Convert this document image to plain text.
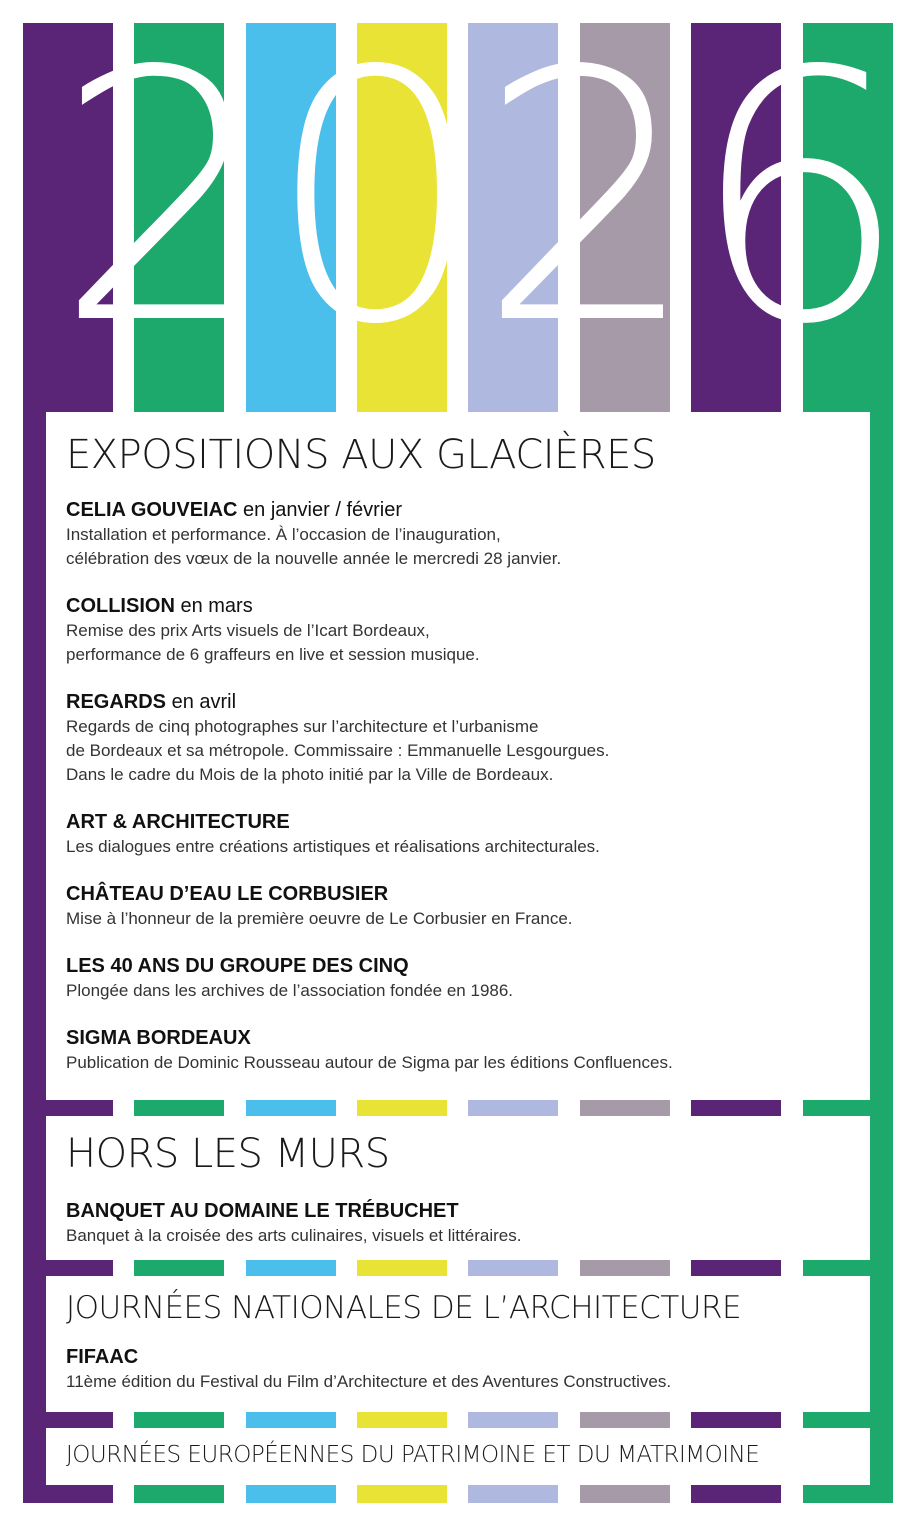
2026
EXPOSITIONS AUX GLACIÈRES
CELIA GOUVEIAC en janvier / février
Installation et performance. À l’occasion de l’inauguration,
célébration des vœux de la nouvelle année le mercredi 28 janvier.
COLLISION en mars
Remise des prix Arts visuels de l’Icart Bordeaux,
performance de 6 graffeurs en live et session musique.
REGARDS en avril
Regards de cinq photographes sur l’architecture et l’urbanisme
de Bordeaux et sa métropole. Commissaire : Emmanuelle Lesgourgues.
Dans le cadre du Mois de la photo initié par la Ville de Bordeaux.
ART & ARCHITECTURE
Les dialogues entre créations artistiques et réalisations architecturales.
CHÂTEAU D’EAU LE CORBUSIER
Mise à l’honneur de la première oeuvre de Le Corbusier en France.
LES 40 ANS DU GROUPE DES CINQ
Plongée dans les archives de l’association fondée en 1986.
SIGMA BORDEAUX
Publication de Dominic Rousseau autour de Sigma par les éditions Confluences.
HORS LES MURS
BANQUET AU DOMAINE LE TRÉBUCHET
Banquet à la croisée des arts culinaires, visuels et littéraires.
JOURNÉES NATIONALES DE L’ARCHITECTURE
FIFAAC
11ème édition du Festival du Film d’Architecture et des Aventures Constructives.
JOURNÉES EUROPÉENNES DU PATRIMOINE ET DU MATRIMOINE
